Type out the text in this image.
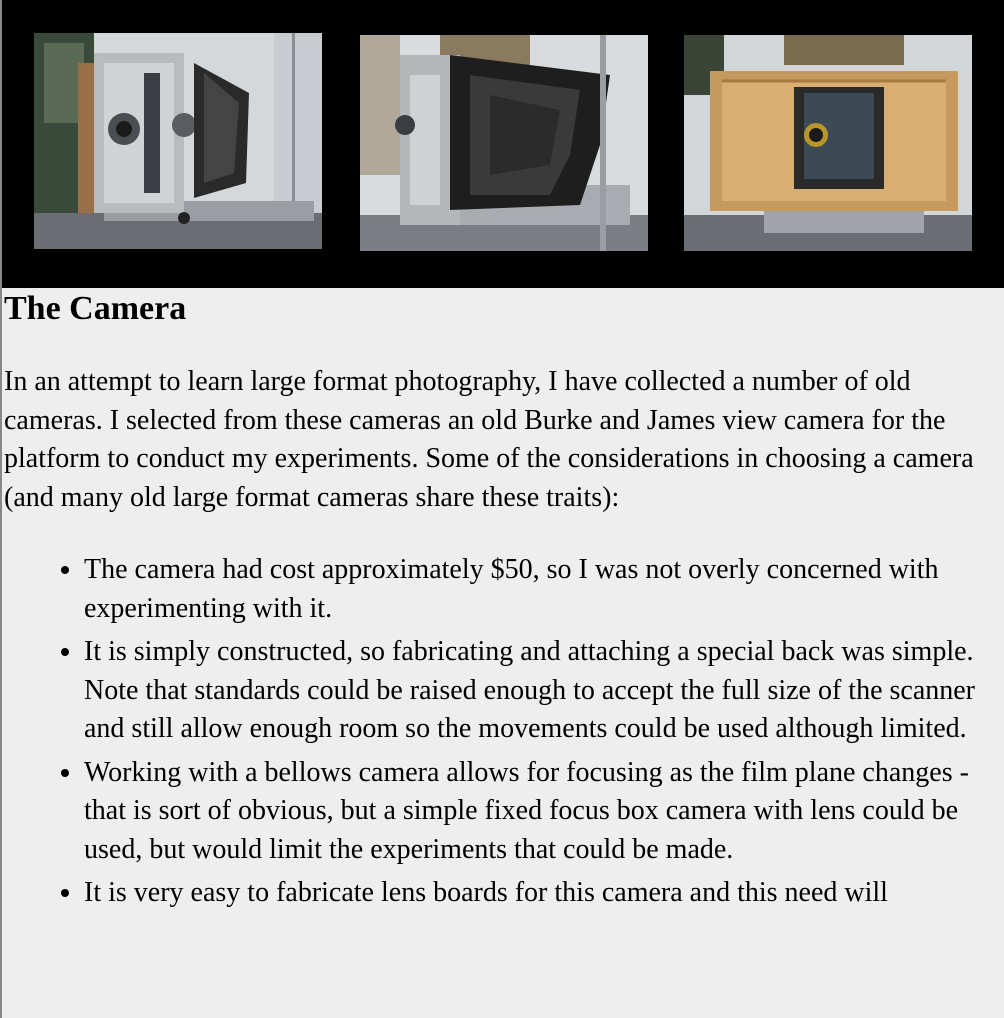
The Camera

In an attempt to learn large format photography, I have collected a number of old cameras. I selected from these cameras an old Burke and James view camera for the platform to conduct my experiments. Some of the considerations in choosing a camera (and many old large format cameras share these traits):

• The camera had cost approximately $50, so I was not overly concerned with experimenting with it.
• It is simply constructed, so fabricating and attaching a special back was simple. Note that standards could be raised enough to accept the full size of the scanner and still allow enough room so the movements could be used although limited.
• Working with a bellows camera allows for focusing as the film plane changes - that is sort of obvious, but a simple fixed focus box camera with lens could be used, but would limit the experiments that could be made.
• It is very easy to fabricate lens boards for this camera and this need will
